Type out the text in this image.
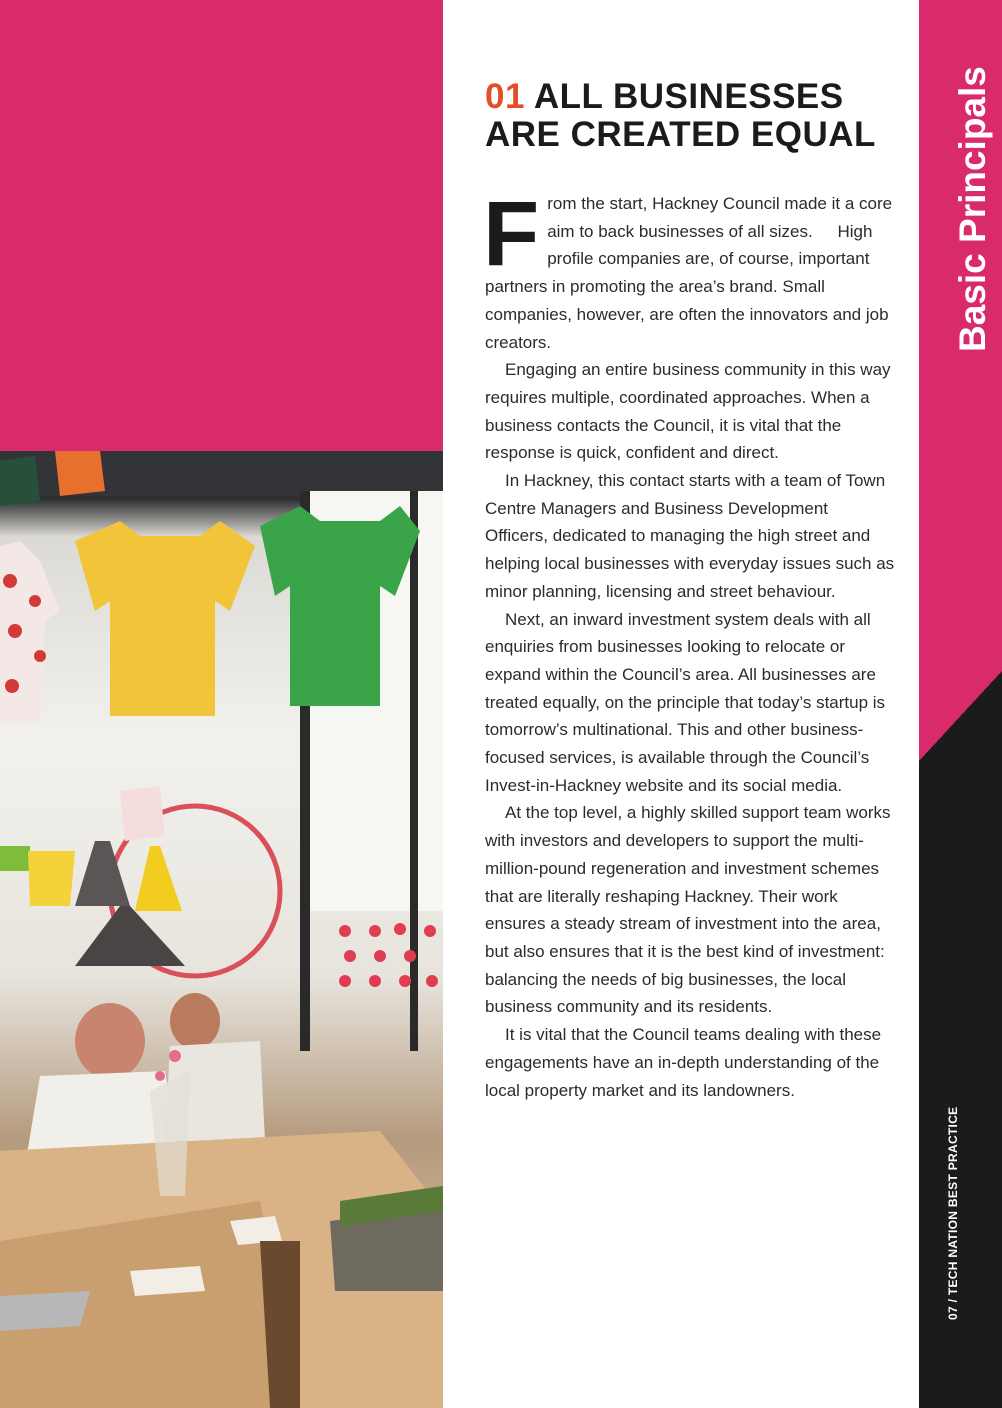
01 ALL BUSINESSES ARE CREATED EQUAL

From the start, Hackney Council made it a core aim to back businesses of all sizes. High profile companies are, of course, important partners in promoting the area’s brand. Small companies, however, are often the innovators and job creators.

Engaging an entire business community in this way requires multiple, coordinated approaches. When a business contacts the Council, it is vital that the response is quick, confident and direct.

In Hackney, this contact starts with a team of Town Centre Managers and Business Development Officers, dedicated to managing the high street and helping local businesses with everyday issues such as minor planning, licensing and street behaviour.

Next, an inward investment system deals with all enquiries from businesses looking to relocate or expand within the Council’s area. All businesses are treated equally, on the principle that today’s startup is tomorrow’s multinational. This and other business-focused services, is available through the Council’s Invest-in-Hackney website and its social media.

At the top level, a highly skilled support team works with investors and developers to support the multi-million-pound regeneration and investment schemes that are literally reshaping Hackney. Their work ensures a steady stream of investment into the area, but also ensures that it is the best kind of investment: balancing the needs of big businesses, the local business community and its residents.

It is vital that the Council teams dealing with these engagements have an in-depth understanding of the local property market and its landowners.

Basic Principals
07 / TECH NATION BEST PRACTICE
